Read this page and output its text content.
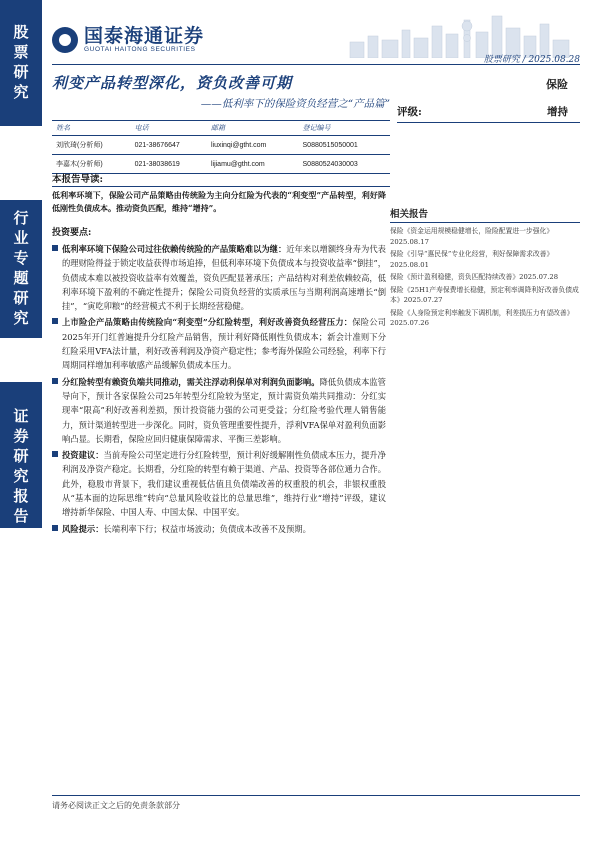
股票研究
行业专题研究
证券研究报告
国泰海通证券
GUOTAI HAITONG SECURITIES
股票研究 / 2025.08.28
利变产品转型深化，资负改善可期
——低利率下的保险资负经营之“产品篇”
保险
评级:	增持
姓名	电话	邮箱	登记编号
刘欣琦(分析师)	021-38676647	liuxinqi@gtht.com	S0880515050001
李嘉木(分析师)	021-38038619	lijiamu@gtht.com	S0880524030003
本报告导读:
低利率环境下，保险公司产品策略由传统险为主向分红险为代表的“利变型”产品转型，利好降低刚性负债成本。推动资负匹配，维持“增持”。
投资要点:
低利率环境下保险公司过往依赖传统险的产品策略难以为继：近年来以增额终身寿为代表的理财险得益于锁定收益获得市场追捧，但低利率环境下负债成本与投资收益率“倒挂”，负债成本难以被投资收益率有效覆盖，资负匹配显著承压；产品结构对利差依赖较高，低利率环境下盈利的不确定性提升；保险公司资负经营的实质承压与当期利润高速增长“倒挂”，“寅吃卯粮”的经营模式不利于长期经营稳健。
上市险企产品策略由传统险向“利变型”分红险转型，利好改善资负经营压力：保险公司2025年开门红普遍提升分红险产品销售，预计利好降低刚性负债成本；新会计准则下分红险采用VFA法计量，利好改善利润及净资产稳定性；参考海外保险公司经验，利率下行周期同样增加利率敏感产品缓解负债成本压力。
分红险转型有赖资负端共同推动，需关注浮动利保单对利润负面影响。降低负债成本监管导向下，预计各家保险公司25年转型分红险较为坚定，预计需资负端共同推动：分红实现率“限高”利好改善利差损，预计投资能力强的公司更受益；分红险考验代理人销售能力，预计渠道转型进一步深化。同时，资负管理重要性提升，浮利VFA保单对盈利负面影响凸显。长期看，保险应回归健康保障需求、平衡三差影响。
投资建议：当前寿险公司坚定进行分红险转型，预计利好缓解刚性负债成本压力，提升净利润及净资产稳定。长期看，分红险的转型有赖于渠道、产品、投资等各部位通力合作。此外，稳股市背景下，我们建议重视低估值且负债端改善的权重股的机会，非银权重股从“基本面的边际思维”转向“总量风险收益比的总量思维”，维持行业“增持”评级，建议增持新华保险、中国人寿、中国太保、中国平安。
风险提示：长端利率下行；权益市场波动；负债成本改善不及预期。
相关报告
保险《资金运用规模稳健增长，险险配置进一步强化》2025.08.17
保险《引导“惠民保”专业化经营，利好保障需求改善》2025.08.01
保险《预计盈利稳健，资负匹配持续改善》2025.07.28
保险《25H1产寿保费增长稳健，预定利率调降利好改善负债成本》2025.07.27
保险《人身险预定利率触发下调机制，利差损压力有望改善》2025.07.26
请务必阅读正文之后的免责条款部分
